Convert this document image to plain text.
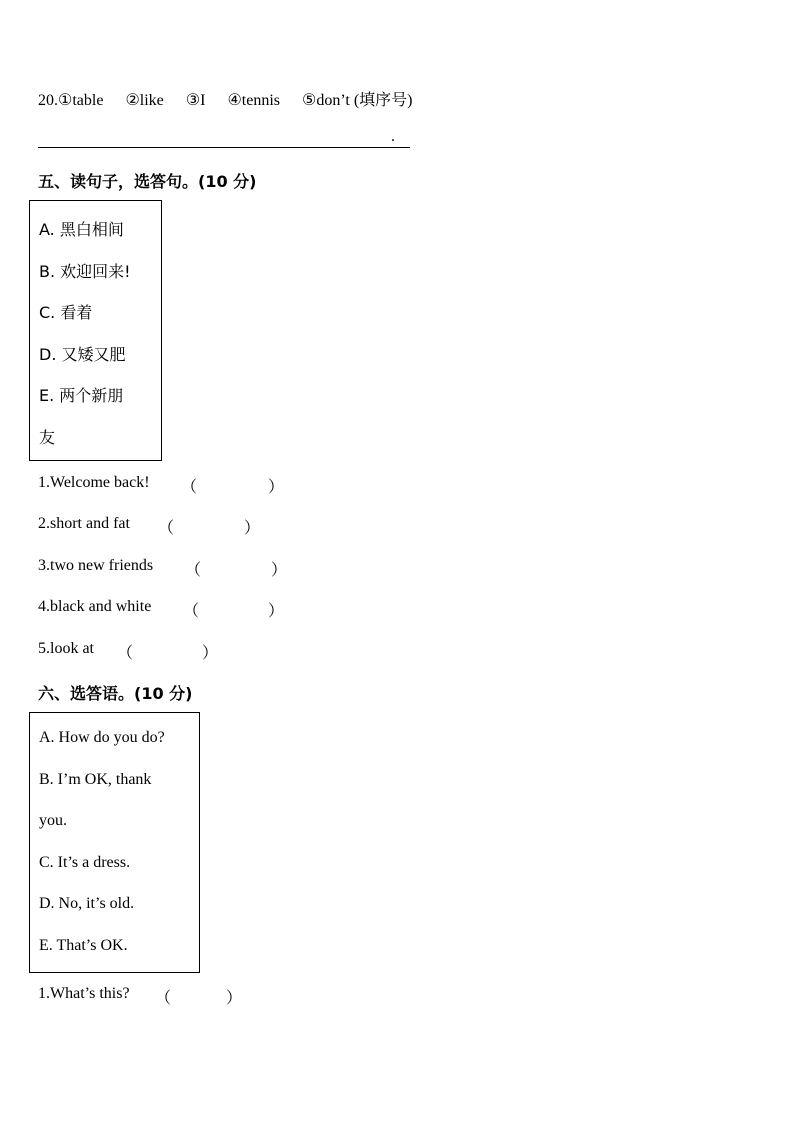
20.①table ②like ③I ④tennis ⑤don’t (填序号)
.
五、读句子，选答句。(10 分)
A. 黑白相间
B. 欢迎回来!
C. 看着
D. 又矮又肥
E. 两个新朋
友
1.Welcome back! （	）
2.short and fat （	）
3.two new friends （	）
4.black and white （	）
5.look at （	）
六、选答语。(10 分)
A. How do you do?
B. I’m OK, thank
you.
C. It’s a dress.
D. No, it’s old.
E. That’s OK.
1.What’s this? （	）
